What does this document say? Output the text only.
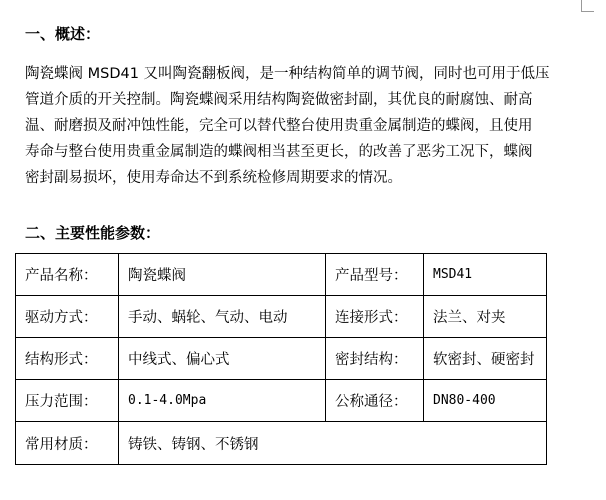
一、概述：
陶瓷蝶阀 MSD41 又叫陶瓷翻板阀，是一种结构简单的调节阀，同时也可用于低压
管道介质的开关控制。陶瓷蝶阀采用结构陶瓷做密封副，其优良的耐腐蚀、耐高
温、耐磨损及耐冲蚀性能，完全可以替代整台使用贵重金属制造的蝶阀，且使用
寿命与整台使用贵重金属制造的蝶阀相当甚至更长，的改善了恶劣工况下，蝶阀
密封副易损坏，使用寿命达不到系统检修周期要求的情况。
二、主要性能参数：
产品名称：	陶瓷蝶阀	产品型号：	MSD41
驱动方式：	手动、蜗轮、气动、电动	连接形式：	法兰、对夹
结构形式：	中线式、偏心式	密封结构：	软密封、硬密封
压力范围：	0.1-4.0Mpa	公称通径：	DN80-400
常用材质：	铸铁、铸钢、不锈钢		
